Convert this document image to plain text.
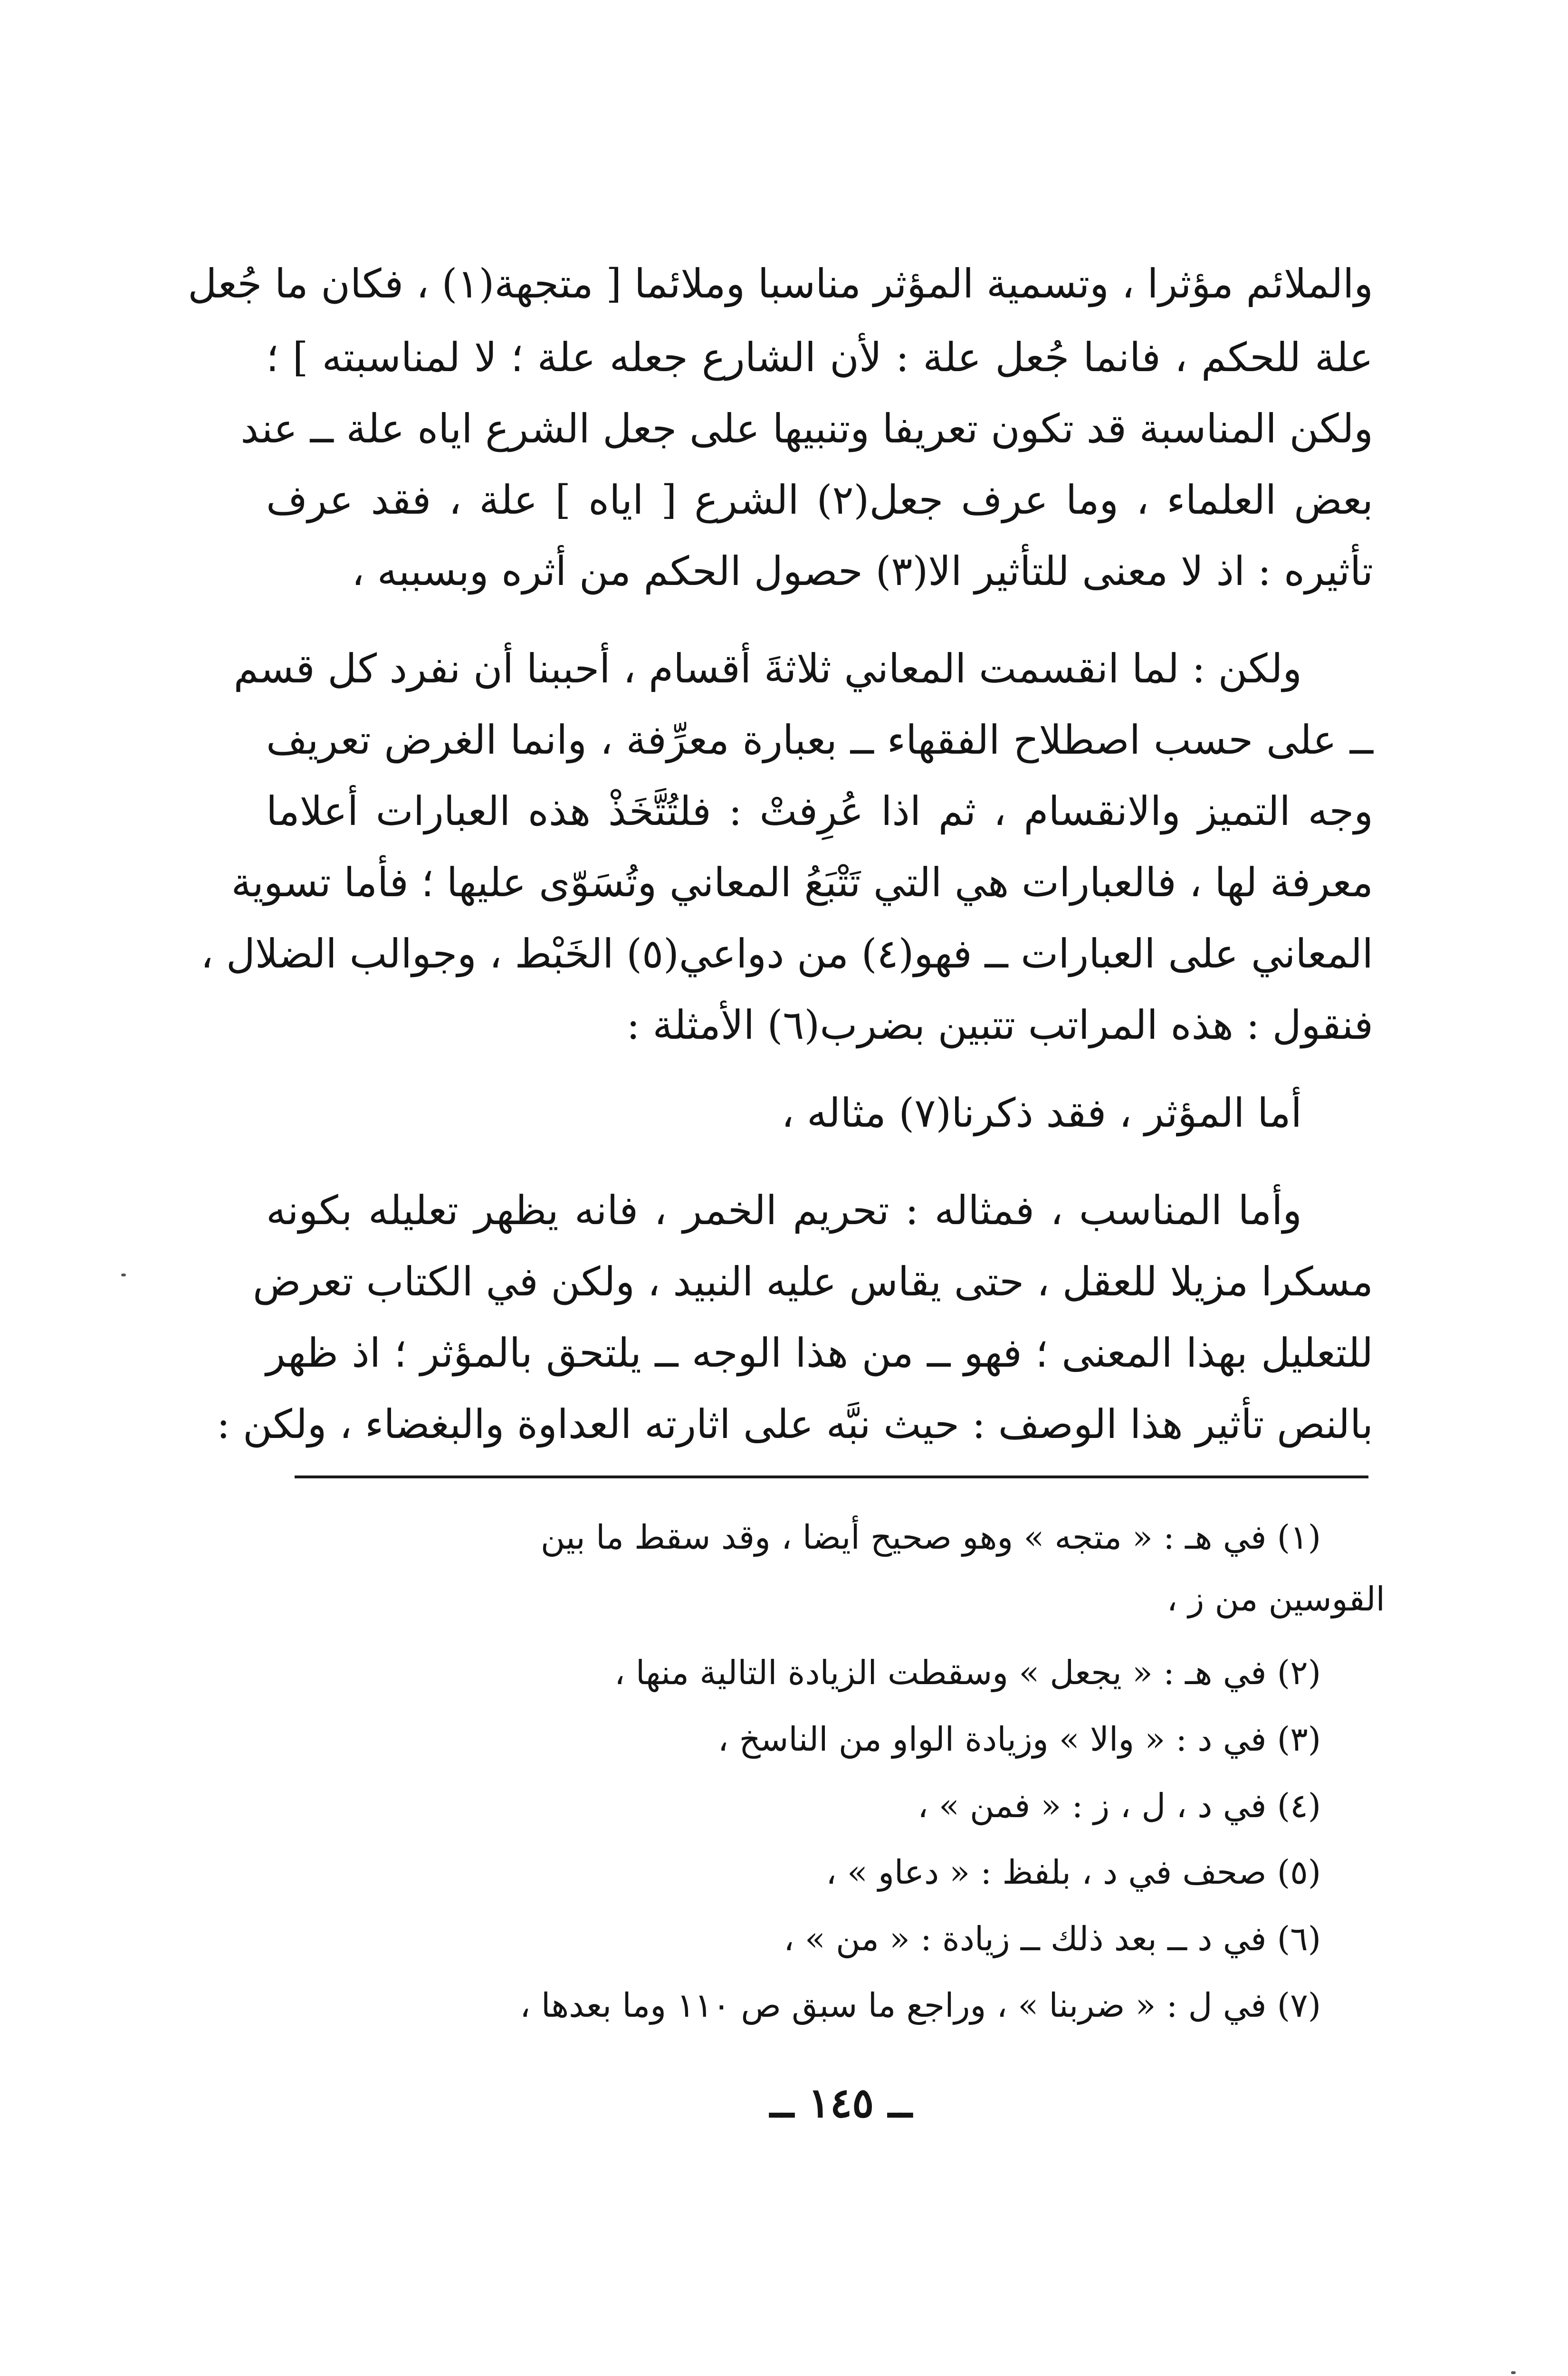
والملائم مؤثرا ، وتسمية المؤثر مناسبا وملائما [ متجهة(١) ، فكان ما جُعل
علة للحكم ، فانما جُعل علة : لأن الشارع جعله علة ؛ لا لمناسبته ] ؛
ولكن المناسبة قد تكون تعريفا وتنبيها على جعل الشرع اياه علة ــ عند
بعض العلماء ، وما عرف جعل(٢) الشرع [ اياه ] علة ، فقد عرف
تأثيره : اذ لا معنى للتأثير الا(٣) حصول الحكم من أثره وبسببه ،
ولكن : لما انقسمت المعاني ثلاثةَ أقسام ، أحببنا أن نفرد كل قسم
ــ على حسب اصطلاح الفقهاء ــ بعبارة معرِّفة ، وانما الغرض تعريف
وجه التميز والانقسام ، ثم اذا عُرِفتْ : فلتُتَّخَذْ هذه العبارات أعلاما
معرفة لها ، فالعبارات هي التي تَتْبَعُ المعاني وتُسَوّى عليها ؛ فأما تسوية
المعاني على العبارات ــ فهو(٤) من دواعي(٥) الخَبْط ، وجوالب الضلال ،
فنقول : هذه المراتب تتبين بضرب(٦) الأمثلة :
أما المؤثر ، فقد ذكرنا(٧) مثاله ،
وأما المناسب ، فمثاله : تحريم الخمر ، فانه يظهر تعليله بكونه
مسكرا مزيلا للعقل ، حتى يقاس عليه النبيد ، ولكن في الكتاب تعرض
للتعليل بهذا المعنى ؛ فهو ــ من هذا الوجه ــ يلتحق بالمؤثر ؛ اذ ظهر
بالنص تأثير هذا الوصف : حيث نبَّه على اثارته العداوة والبغضاء ، ولكن :
(١) في هـ : « متجه » وهو صحيح أيضا ، وقد سقط ما بين
القوسين من ز ،
(٢) في هـ : « يجعل » وسقطت الزيادة التالية منها ،
(٣) في د : « والا » وزيادة الواو من الناسخ ،
(٤) في د ، ل ، ز : « فمن » ،
(٥) صحف في د ، بلفظ : « دعاو » ،
(٦) في د ــ بعد ذلك ــ زيادة : « من » ،
(٧) في ل : « ضربنا » ، وراجع ما سبق ص ١١٠ وما بعدها ،
ــ ١٤٥ ــ
